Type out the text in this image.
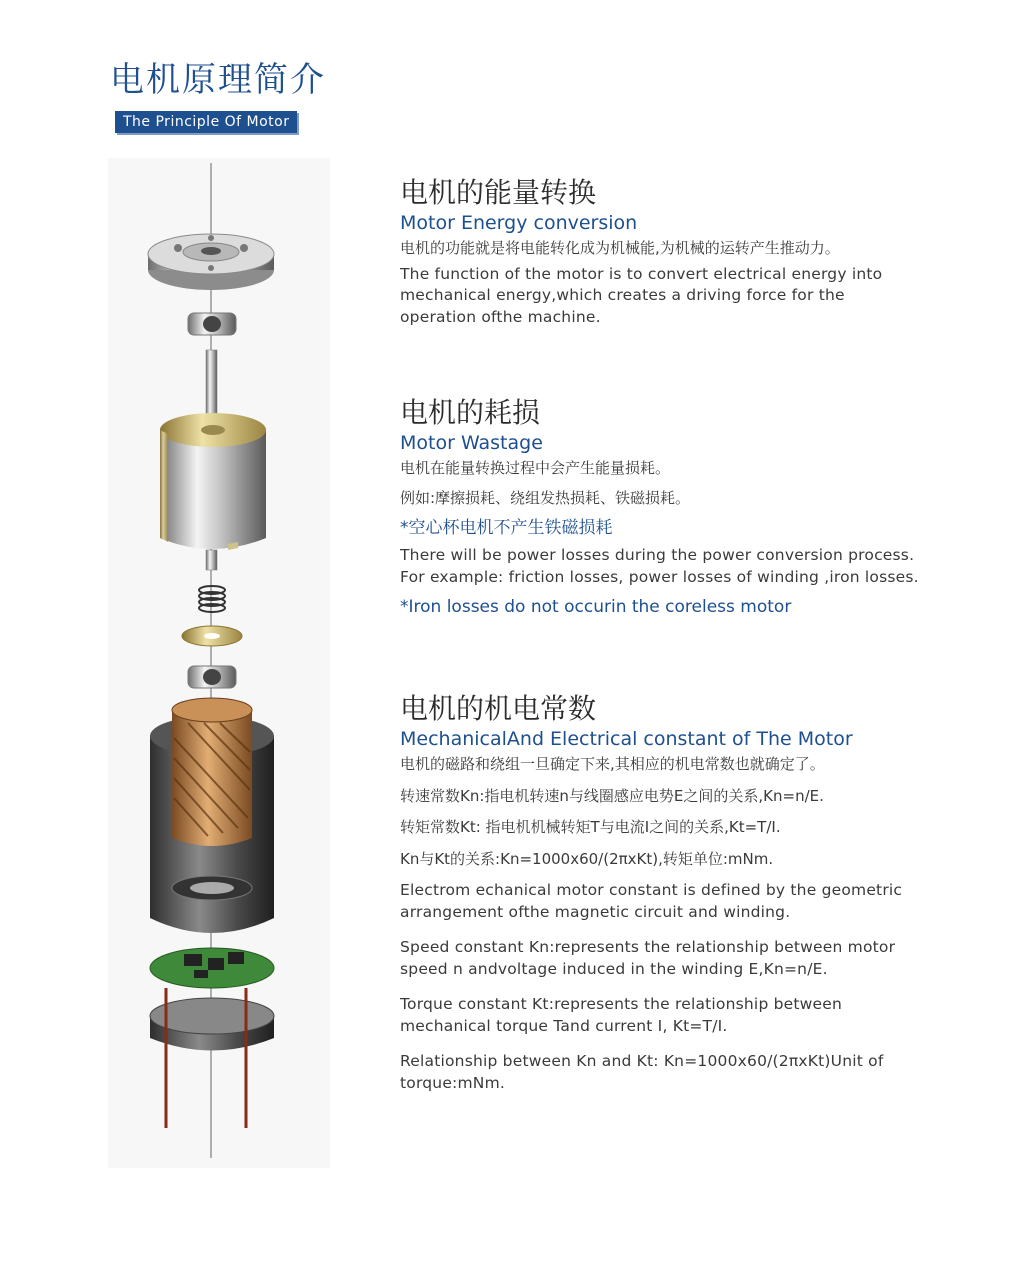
电机原理简介
The Principle Of Motor
电机的能量转换
Motor Energy conversion

电机的功能就是将电能转化成为机械能,为机械的运转产生推动力。

The function of the motor is to convert electrical energy into

mechanical energy,which creates a driving force for the

operation ofthe machine.

电机的耗损
Motor Wastage

电机在能量转换过程中会产生能量损耗。

例如:摩擦损耗、绕组发热损耗、铁磁损耗。

*空心杯电机不产生铁磁损耗

There will be power losses during the power conversion process.

For example: friction losses, power losses of winding ,iron losses.

*Iron losses do not occurin the coreless motor

电机的机电常数
MechanicalAnd Electrical constant of The Motor

电机的磁路和绕组一旦确定下来,其相应的机电常数也就确定了。

转速常数Kn:指电机转速n与线圈感应电势E之间的关系,Kn=n/E.

转矩常数Kt: 指电机机械转矩T与电流I之间的关系,Kt=T/I.

Kn与Kt的关系:Kn=1000x60/(2πxKt),转矩单位:mNm.

Electrom echanical motor constant is defined by the geometric

arrangement ofthe magnetic circuit and winding.

Speed constant Kn:represents the relationship between motor

speed n andvoltage induced in the winding E,Kn=n/E.

Torque constant Kt:represents the relationship between

mechanical torque Tand current I, Kt=T/I.

Relationship between Kn and Kt: Kn=1000x60/(2πxKt)Unit of

torque:mNm.
